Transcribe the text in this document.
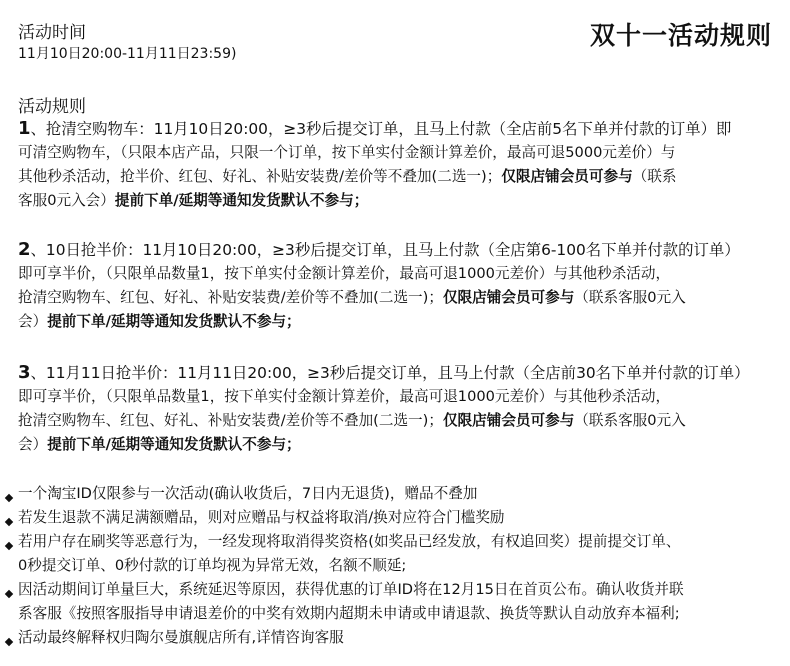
双十一活动规则
活动时间
11月10日20:00-11月11日23:59)
活动规则
1、抢清空购物车：11月10日20:00，≥3秒后提交订单，且马上付款（全店前5名下单并付款的订单）即
可清空购物车，（只限本店产品，只限一个订单，按下单实付金额计算差价，最高可退5000元差价）与
其他秒杀活动，抢半价、红包、好礼、补贴安装费/差价等不叠加(二选一)；仅限店铺会员可参与（联系
客服0元入会）提前下单/延期等通知发货默认不参与；
2、10日抢半价：11月10日20:00，≥3秒后提交订单，且马上付款（全店第6-100名下单并付款的订单）
即可享半价，（只限单品数量1，按下单实付金额计算差价，最高可退1000元差价）与其他秒杀活动，
抢清空购物车、红包、好礼、补贴安装费/差价等不叠加(二选一)；仅限店铺会员可参与（联系客服0元入
会）提前下单/延期等通知发货默认不参与；
3、11月11日抢半价：11月11日20:00，≥3秒后提交订单，且马上付款（全店前30名下单并付款的订单）
即可享半价，（只限单品数量1，按下单实付金额计算差价，最高可退1000元差价）与其他秒杀活动，
抢清空购物车、红包、好礼、补贴安装费/差价等不叠加(二选一)；仅限店铺会员可参与（联系客服0元入
会）提前下单/延期等通知发货默认不参与；
一个淘宝ID仅限参与一次活动(确认收货后，7日内无退货)，赠品不叠加
若发生退款不满足满额赠品，则对应赠品与权益将取消/换对应符合门槛奖励
若用户存在刷奖等恶意行为，一经发现将取消得奖资格(如奖品已经发放，有权追回奖）提前提交订单、
0秒提交订单、0秒付款的订单均视为异常无效，名额不顺延;
因活动期间订单量巨大，系统延迟等原因，获得优惠的订单ID将在12月15日在首页公布。确认收货并联
系客服《按照客服指导申请退差价的中奖有效期内超期未申请或申请退款、换货等默认自动放弃本福利;
活动最终解释权归陶尔曼旗舰店所有,详情咨询客服
